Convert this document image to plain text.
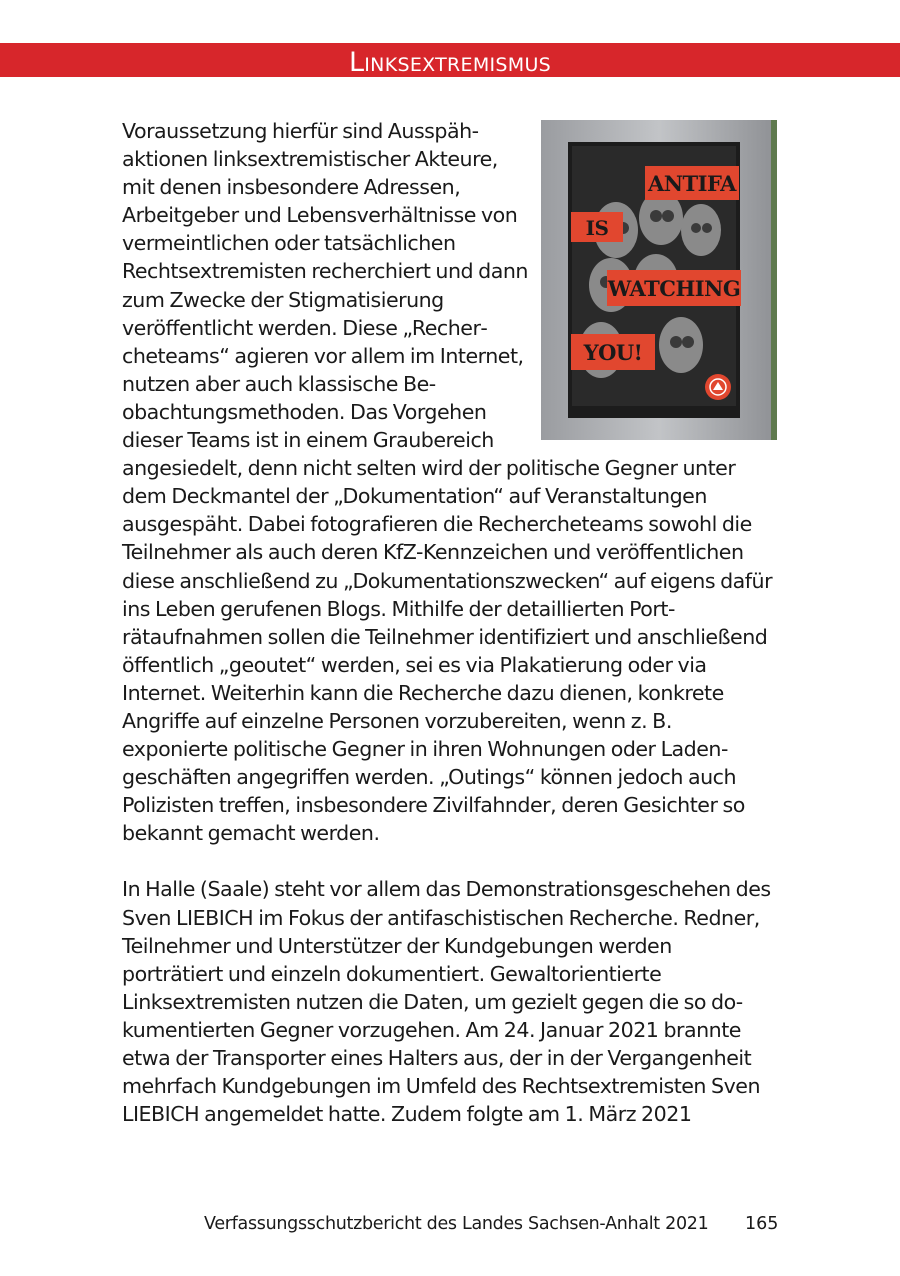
Linksextremismus
ANTIFA
IS
WATCHING
YOU!

Voraussetzung hierfür sind Ausspähaktionen linksextremistischer Akteure, mit denen insbesondere Adressen, Arbeitgeber und Lebensverhältnisse von vermeintlichen oder tatsächlichen Rechtsextremisten recherchiert und dann zum Zwecke der Stigmatisierung veröffentlicht werden. Diese „Rechercheteams“ agieren vor allem im Internet, nutzen aber auch klassische Beobachtungsmethoden. Das Vorgehen dieser Teams ist in einem Graubereich angesiedelt, denn nicht selten wird der politische Gegner unter dem Deckmantel der „Dokumentation“ auf Veranstaltungen ausgespäht. Dabei fotografieren die Rechercheteams sowohl die Teilnehmer als auch deren KfZ-Kennzeichen und veröffentlichen diese anschließend zu „Dokumentationszwecken“ auf eigens dafür ins Leben gerufenen Blogs. Mithilfe der detaillierten Porträtaufnahmen sollen die Teilnehmer identifiziert und anschließend öffentlich „geoutet“ werden, sei es via Plakatierung oder via Internet. Weiterhin kann die Recherche dazu dienen, konkrete Angriffe auf einzelne Personen vorzubereiten, wenn z. B. exponierte politische Gegner in ihren Wohnungen oder Ladengeschäften angegriffen werden. „Outings“ können jedoch auch Polizisten treffen, insbesondere Zivilfahnder, deren Gesichter so bekannt gemacht werden.

In Halle (Saale) steht vor allem das Demonstrationsgeschehen des Sven LIEBICH im Fokus der antifaschistischen Recherche. Redner, Teilnehmer und Unterstützer der Kundgebungen werden porträtiert und einzeln dokumentiert. Gewaltorientierte Linksextremisten nutzen die Daten, um gezielt gegen die so dokumentierten Gegner vorzugehen. Am 24. Januar 2021 brannte etwa der Transporter eines Halters aus, der in der Vergangenheit mehrfach Kundgebungen im Umfeld des Rechtsextremisten Sven LIEBICH angemeldet hatte. Zudem folgte am 1. März 2021

Verfassungsschutzbericht des Landes Sachsen-Anhalt 2021 165
